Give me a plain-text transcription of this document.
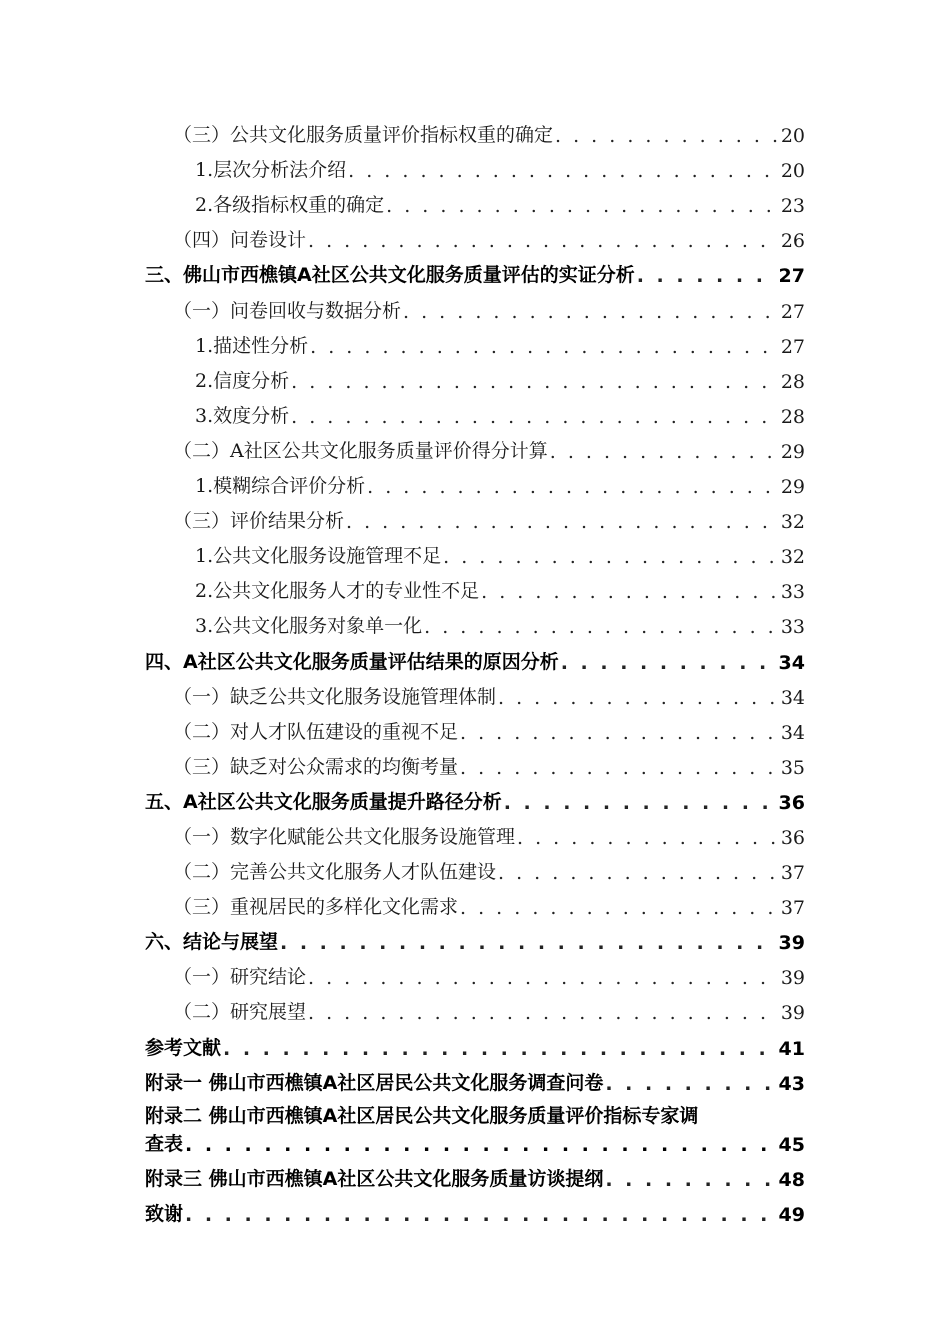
（三）公共文化服务质量评价指标权重的确定 . . .	20
1.层次分析法介绍 . . .	20
2.各级指标权重的确定 . . .	23
（四）问卷设计 . . .	26
三、佛山市西樵镇A社区公共文化服务质量评估的实证分析 . . .	27
（一）问卷回收与数据分析 . . .	27
1.描述性分析 . . .	27
2.信度分析 . . .	28
3.效度分析 . . .	28
（二）A社区公共文化服务质量评价得分计算 . . .	29
1.模糊综合评价分析 . . .	29
（三）评价结果分析 . . .	32
1.公共文化服务设施管理不足 . . .	32
2.公共文化服务人才的专业性不足 . . .	33
3.公共文化服务对象单一化 . . .	33
四、A社区公共文化服务质量评估结果的原因分析 . . .	34
（一）缺乏公共文化服务设施管理体制 . . .	34
（二）对人才队伍建设的重视不足 . . .	34
（三）缺乏对公众需求的均衡考量 . . .	35
五、A社区公共文化服务质量提升路径分析 . . .	36
（一）数字化赋能公共文化服务设施管理 . . .	36
（二）完善公共文化服务人才队伍建设 . . .	37
（三）重视居民的多样化文化需求 . . .	37
六、结论与展望 . . .	39
（一）研究结论 . . .	39
（二）研究展望 . . .	39
参考文献 . . .	41
附录一 佛山市西樵镇A社区居民公共文化服务调查问卷 . . .	43
附录二 佛山市西樵镇A社区居民公共文化服务质量评价指标专家调
查表 . . .	45
附录三 佛山市西樵镇A社区公共文化服务质量访谈提纲 . . .	48
致谢 . . .	49
